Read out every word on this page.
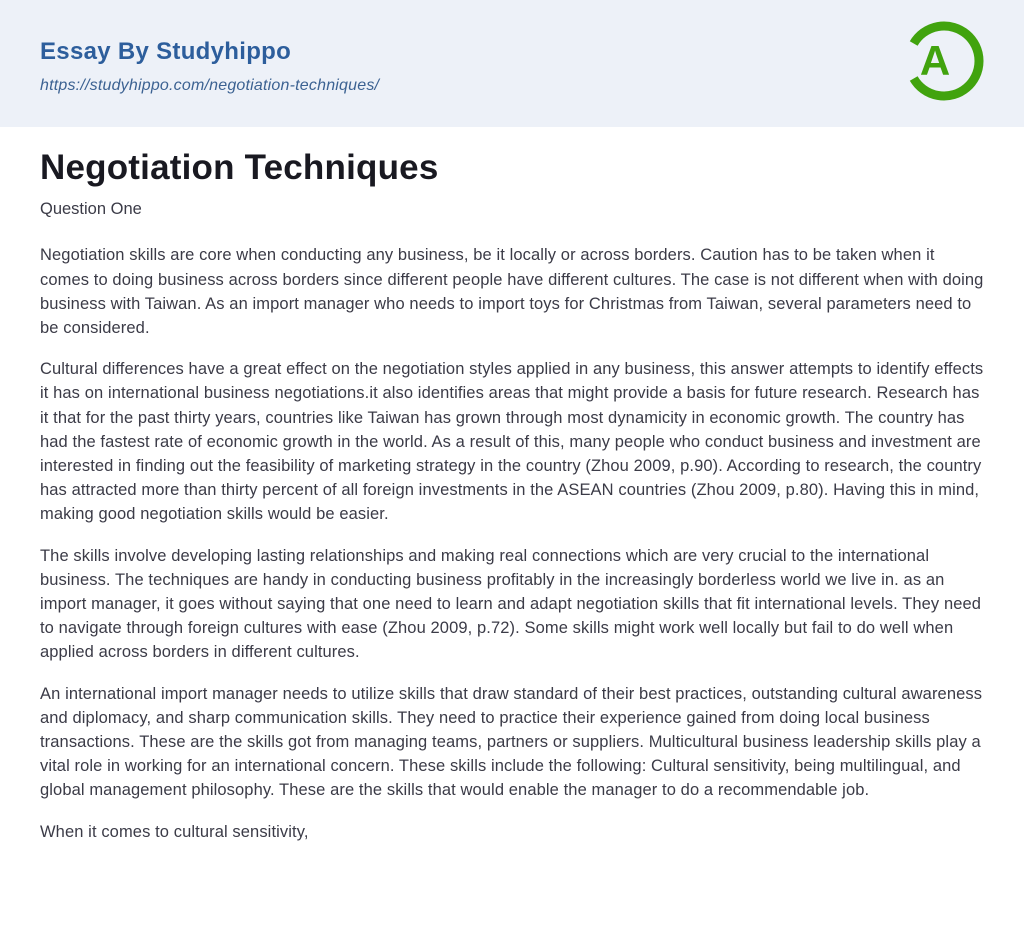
Essay By Studyhippo
https://studyhippo.com/negotiation-techniques/
A
Negotiation Techniques

Question One

Negotiation skills are core when conducting any business, be it locally or across borders. Caution has to be taken when it comes to doing business across borders since different people have different cultures. The case is not different when with doing business with Taiwan. As an import manager who needs to import toys for Christmas from Taiwan, several parameters need to be considered.

Cultural differences have a great effect on the negotiation styles applied in any business, this answer attempts to identify effects it has on international business negotiations.it also identifies areas that might provide a basis for future research. Research has it that for the past thirty years, countries like Taiwan has grown through most dynamicity in economic growth. The country has had the fastest rate of economic growth in the world. As a result of this, many people who conduct business and investment are interested in finding out the feasibility of marketing strategy in the country (Zhou 2009, p.90). According to research, the country has attracted more than thirty percent of all foreign investments in the ASEAN countries (Zhou 2009, p.80). Having this in mind, making good negotiation skills would be easier.

The skills involve developing lasting relationships and making real connections which are very crucial to the international business. The techniques are handy in conducting business profitably in the increasingly borderless world we live in. as an import manager, it goes without saying that one need to learn and adapt negotiation skills that fit international levels. They need to navigate through foreign cultures with ease (Zhou 2009, p.72). Some skills might work well locally but fail to do well when applied across borders in different cultures.

An international import manager needs to utilize skills that draw standard of their best practices, outstanding cultural awareness and diplomacy, and sharp communication skills. They need to practice their experience gained from doing local business transactions. These are the skills got from managing teams, partners or suppliers. Multicultural business leadership skills play a vital role in working for an international concern. These skills include the following: Cultural sensitivity, being multilingual, and global management philosophy. These are the skills that would enable the manager to do a recommendable job.

When it comes to cultural sensitivity,
